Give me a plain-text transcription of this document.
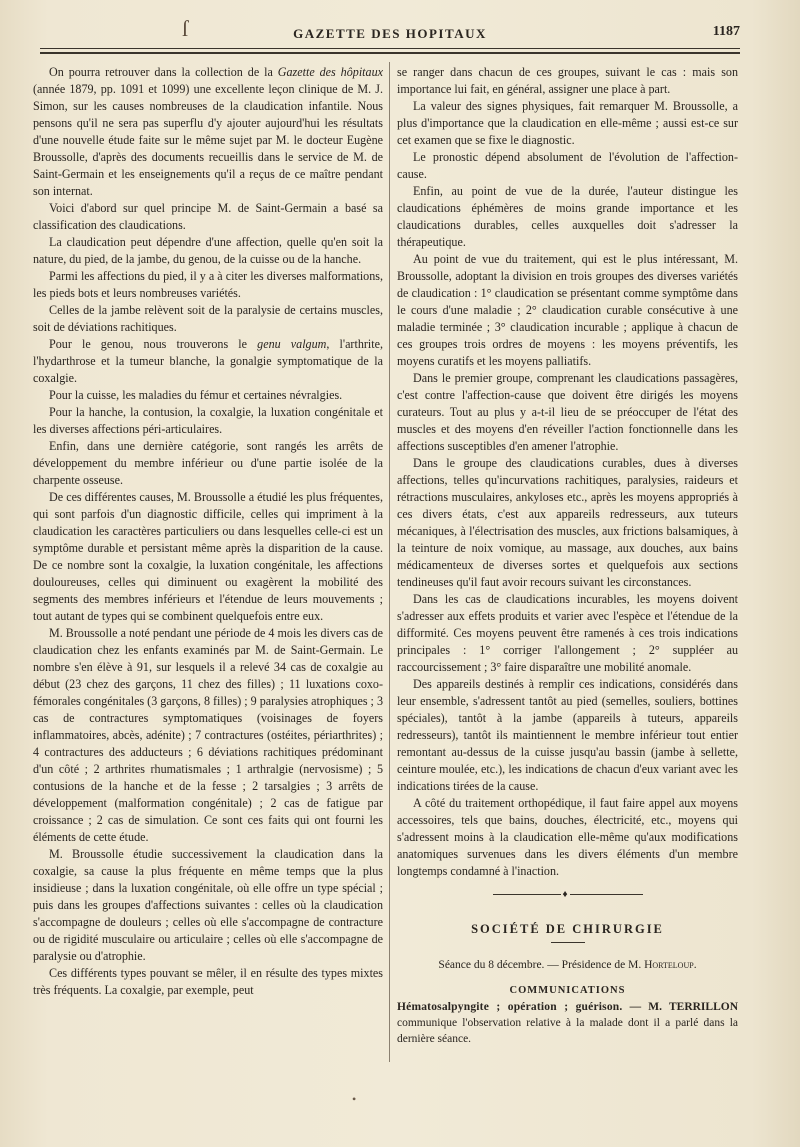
ſ	GAZETTE DES HOPITAUX	1187

On pourra retrouver dans la collection de la Gazette des hôpitaux (année 1879, pp. 1091 et 1099) une excellente leçon clinique de M. J. Simon, sur les causes nombreuses de la claudication infantile. Nous pensons qu'il ne sera pas superflu d'y ajouter aujourd'hui les résultats d'une nouvelle étude faite sur le même sujet par M. le docteur Eugène Broussolle, d'après des documents recueillis dans le service de M. de Saint-Germain et les enseignements qu'il a reçus de ce maître pendant son internat.

Voici d'abord sur quel principe M. de Saint-Germain a basé sa classification des claudications.

La claudication peut dépendre d'une affection, quelle qu'en soit la nature, du pied, de la jambe, du genou, de la cuisse ou de la hanche.

Parmi les affections du pied, il y a à citer les diverses malformations, les pieds bots et leurs nombreuses variétés.

Celles de la jambe relèvent soit de la paralysie de certains muscles, soit de déviations rachitiques.

Pour le genou, nous trouverons le genu valgum, l'arthrite, l'hydarthrose et la tumeur blanche, la gonalgie symptomatique de la coxalgie.

Pour la cuisse, les maladies du fémur et certaines névralgies.

Pour la hanche, la contusion, la coxalgie, la luxation congénitale et les diverses affections péri-articulaires.

Enfin, dans une dernière catégorie, sont rangés les arrêts de développement du membre inférieur ou d'une partie isolée de la charpente osseuse.

De ces différentes causes, M. Broussolle a étudié les plus fréquentes, qui sont parfois d'un diagnostic difficile, celles qui impriment à la claudication les caractères particuliers ou dans lesquelles celle-ci est un symptôme durable et persistant même après la disparition de la cause. De ce nombre sont la coxalgie, la luxation congénitale, les affections douloureuses, celles qui diminuent ou exagèrent la mobilité des segments des membres inférieurs et l'étendue de leurs mouvements ; tout autant de types qui se combinent quelquefois entre eux.

M. Broussolle a noté pendant une période de 4 mois les divers cas de claudication chez les enfants examinés par M. de Saint-Germain. Le nombre s'en élève à 91, sur lesquels il a relevé 34 cas de coxalgie au début (23 chez des garçons, 11 chez des filles) ; 11 luxations coxo-fémorales congénitales (3 garçons, 8 filles) ; 9 paralysies atrophiques ; 3 cas de contractures symptomatiques (voisinages de foyers inflammatoires, abcès, adénite) ; 7 contractures (ostéites, périarthrites) ; 4 contractures des adducteurs ; 6 déviations rachitiques prédominant d'un côté ; 2 arthrites rhumatismales ; 1 arthralgie (nervosisme) ; 5 contusions de la hanche et de la fesse ; 2 tarsalgies ; 3 arrêts de développement (malformation congénitale) ; 2 cas de fatigue par croissance ; 2 cas de simulation. Ce sont ces faits qui ont fourni les éléments de cette étude.

M. Broussolle étudie successivement la claudication dans la coxalgie, sa cause la plus fréquente en même temps que la plus insidieuse ; dans la luxation congénitale, où elle offre un type spécial ; puis dans les groupes d'affections suivantes : celles où la claudication s'accompagne de douleurs ; celles où elle s'accompagne de contracture ou de rigidité musculaire ou articulaire ; celles où elle s'accompagne de paralysie ou d'atrophie.

Ces différents types pouvant se mêler, il en résulte des types mixtes très fréquents. La coxalgie, par exemple, peut

se ranger dans chacun de ces groupes, suivant le cas : mais son importance lui fait, en général, assigner une place à part.

La valeur des signes physiques, fait remarquer M. Broussolle, a plus d'importance que la claudication en elle-même ; aussi est-ce sur cet examen que se fixe le diagnostic.

Le pronostic dépend absolument de l'évolution de l'affection-cause.

Enfin, au point de vue de la durée, l'auteur distingue les claudications éphémères de moins grande importance et les claudications durables, celles auxquelles doit s'adresser la thérapeutique.

Au point de vue du traitement, qui est le plus intéressant, M. Broussolle, adoptant la division en trois groupes des diverses variétés de claudication : 1° claudication se présentant comme symptôme dans le cours d'une maladie ; 2° claudication curable consécutive à une maladie terminée ; 3° claudication incurable ; applique à chacun de ces groupes trois ordres de moyens : les moyens préventifs, les moyens curatifs et les moyens palliatifs.

Dans le premier groupe, comprenant les claudications passagères, c'est contre l'affection-cause que doivent être dirigés les moyens curateurs. Tout au plus y a-t-il lieu de se préoccuper de l'état des muscles et des moyens d'en réveiller l'action fonctionnelle dans les affections susceptibles d'en amener l'atrophie.

Dans le groupe des claudications curables, dues à diverses affections, telles qu'incurvations rachitiques, paralysies, raideurs et rétractions musculaires, ankyloses etc., après les moyens appropriés à ces divers états, c'est aux appareils redresseurs, aux tuteurs mécaniques, à l'électrisation des muscles, aux frictions balsamiques, à la teinture de noix vomique, au massage, aux douches, aux bains médicamenteux de diverses sortes et quelquefois aux sections tendineuses qu'il faut avoir recours suivant les circonstances.

Dans les cas de claudications incurables, les moyens doivent s'adresser aux effets produits et varier avec l'espèce et l'étendue de la difformité. Ces moyens peuvent être ramenés à ces trois indications principales : 1° corriger l'allongement ; 2° suppléer au raccourcissement ; 3° faire disparaître une mobilité anomale.

Des appareils destinés à remplir ces indications, considérés dans leur ensemble, s'adressent tantôt au pied (semelles, souliers, bottines spéciales), tantôt à la jambe (appareils à tuteurs, appareils redresseurs), tantôt ils maintiennent le membre inférieur tout entier remontant au-dessus de la cuisse jusqu'au bassin (jambe à sellette, ceinture moulée, etc.), les indications de chacun d'eux variant avec les indications tirées de la cause.

A côté du traitement orthopédique, il faut faire appel aux moyens accessoires, tels que bains, douches, électricité, etc., moyens qui s'adressent moins à la claudication elle-même qu'aux modifications anatomiques survenues dans les divers éléments d'un membre longtemps condamné à l'inaction.

♦
SOCIÉTÉ DE CHIRURGIE
Séance du 8 décembre. — Présidence de M. Horteloup.
COMMUNICATIONS

Hématosalpyngite ; opération ; guérison. — M. TERRILLON communique l'observation relative à la malade dont il a parlé dans la dernière séance.

•
